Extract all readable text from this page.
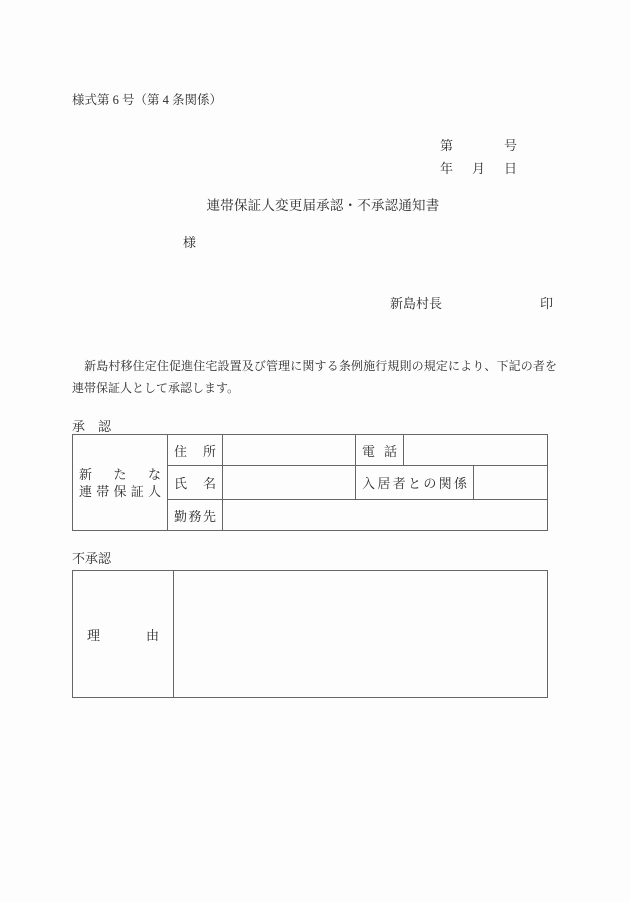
様式第 6 号（第 4 条関係）
第	号
年 月 日
連帯保証人変更届承認・不承認通知書
様
新島村長	印
　新島村移住定住促進住宅設置及び管理に関する条例施行規則の規定により、下記の者を
連帯保証人として承認します。
承　認
新たな
連帯保証人	住所		電話		
	氏名		入居者との関係		
	勤務先				
不承認
理由	
